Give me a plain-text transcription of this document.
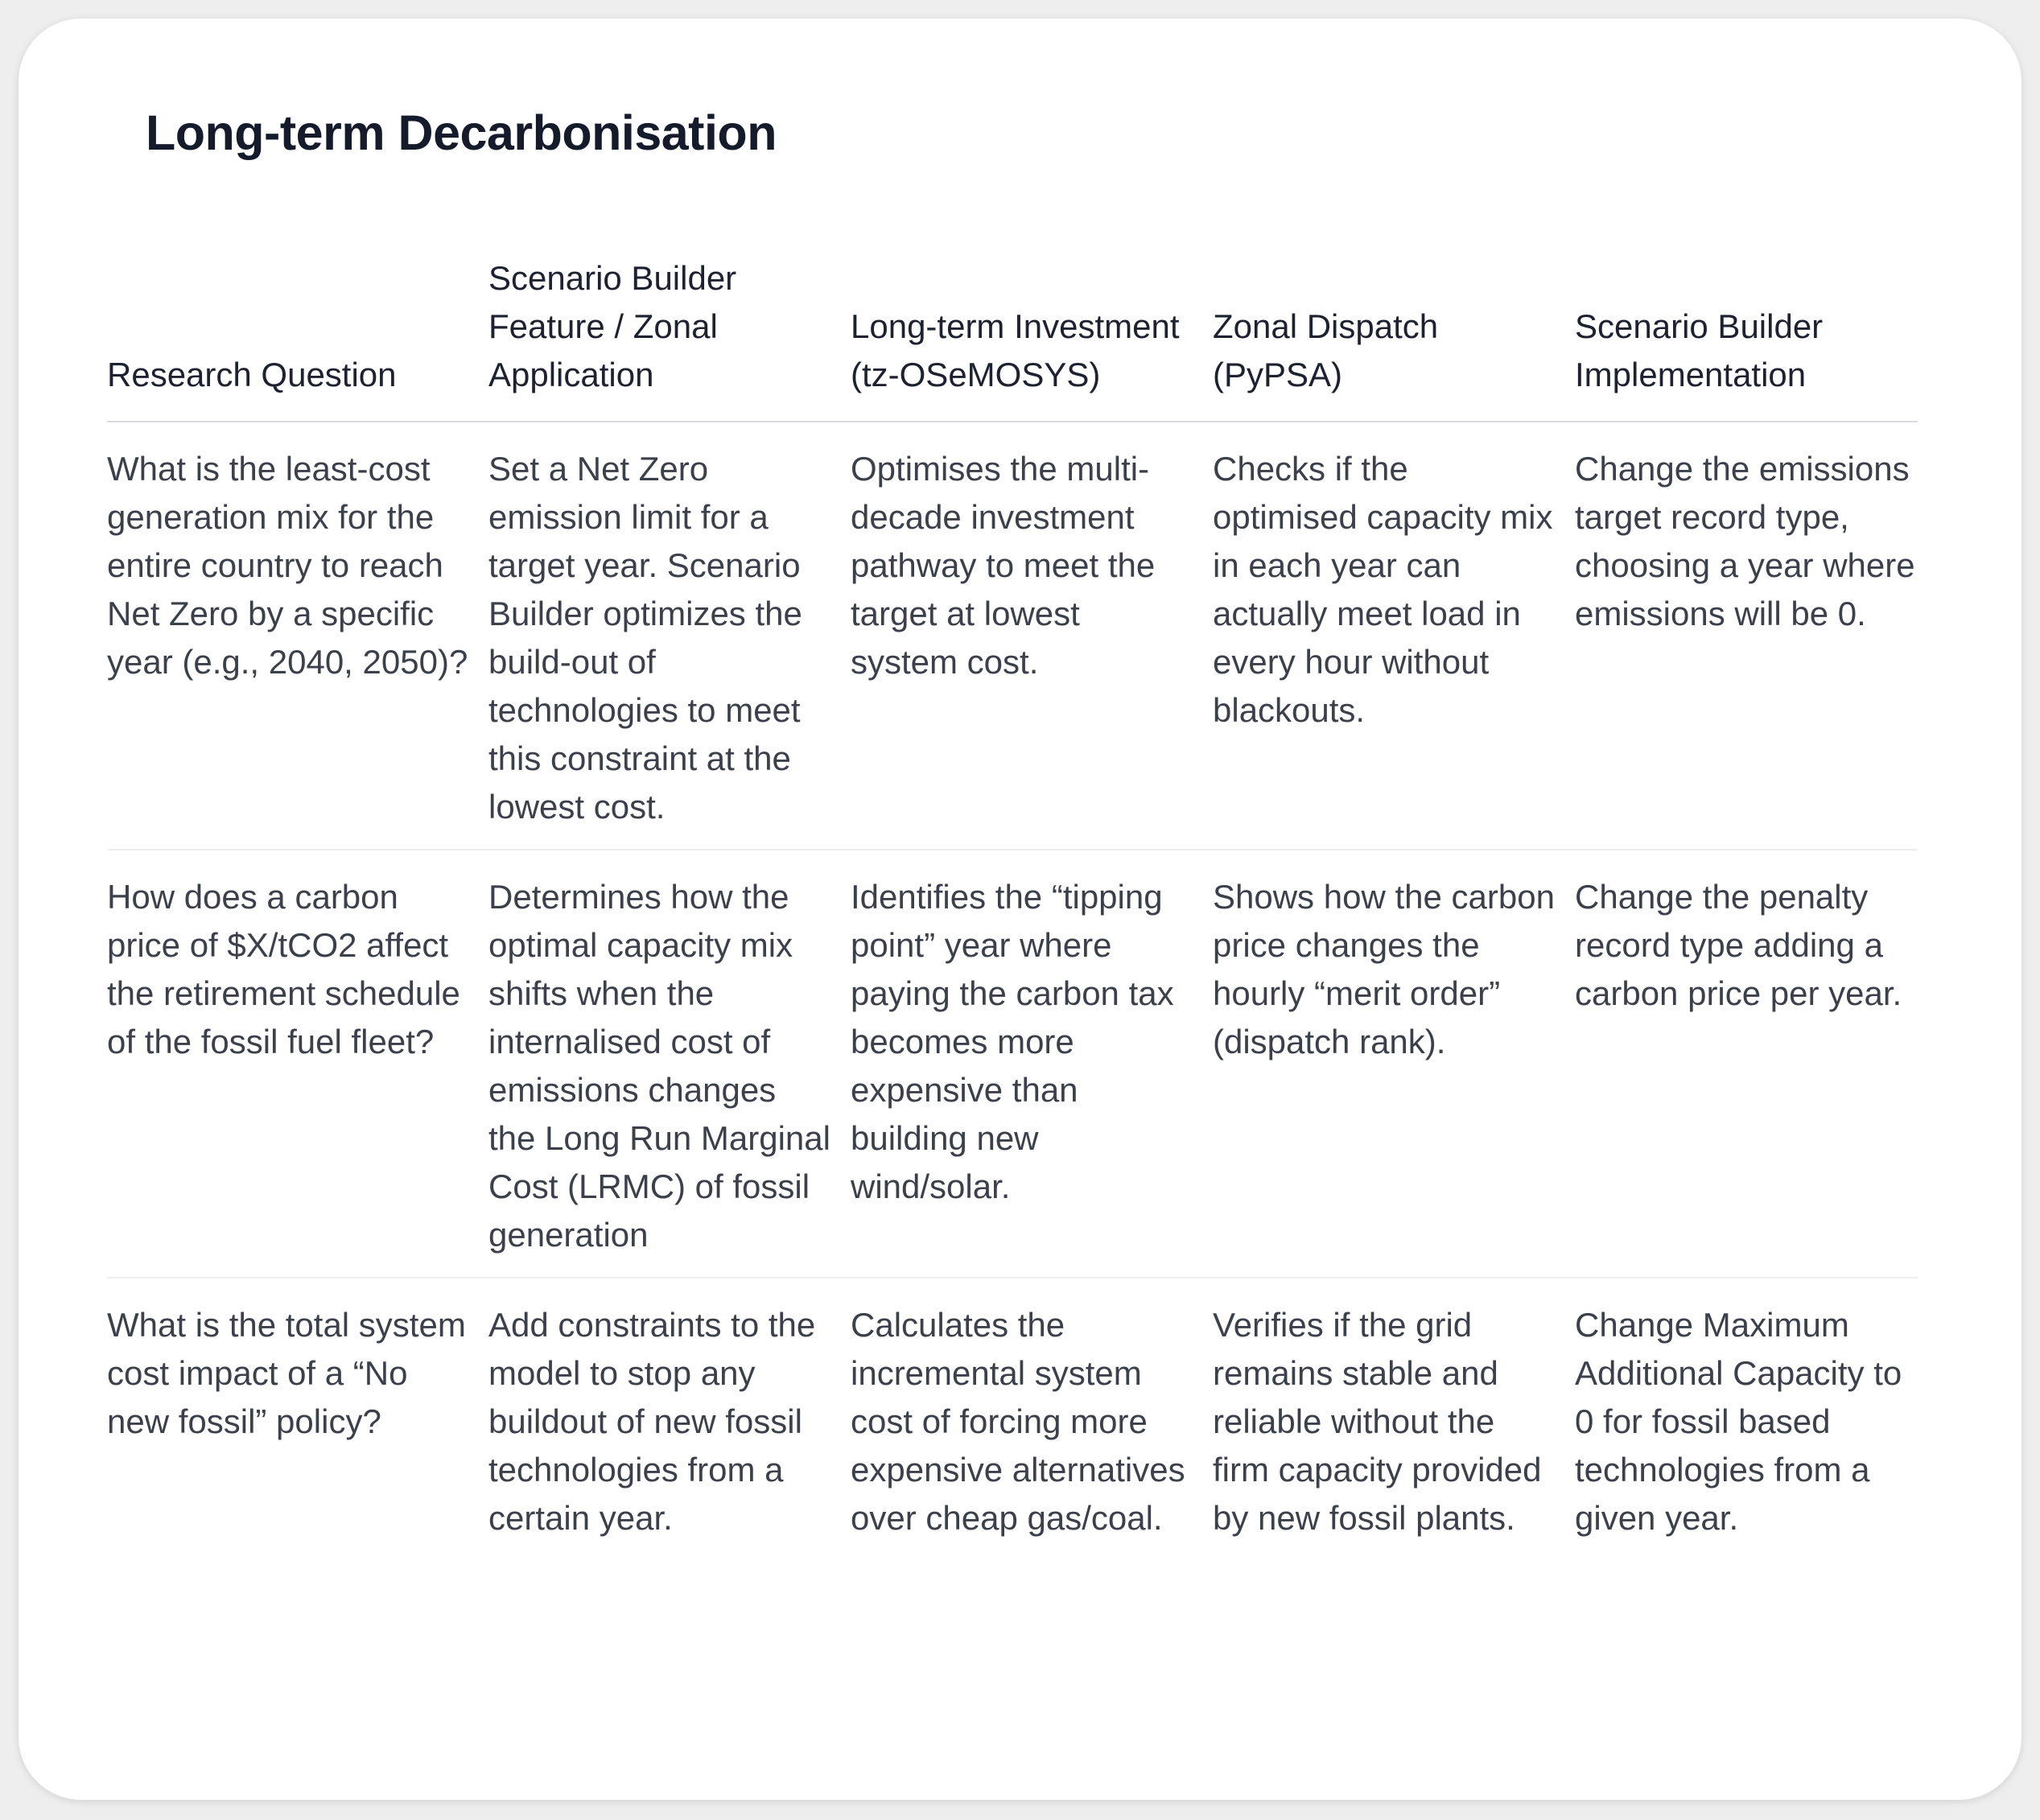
Long-term Decarbonisation
Research Question	Scenario Builder Feature / Zonal Application	Long-term Investment (tz-OSeMOSYS)	Zonal Dispatch (PyPSA)	Scenario Builder Implementation
What is the least-cost generation mix for the entire country to reach Net Zero by a specific year (e.g., 2040, 2050)?	Set a Net Zero emission limit for a target year. Scenario Builder optimizes the build-out of technologies to meet this constraint at the lowest cost.	Optimises the multi-decade investment pathway to meet the target at lowest system cost.	Checks if the optimised capacity mix in each year can actually meet load in every hour without blackouts.	Change the emissions target record type, choosing a year where emissions will be 0.
How does a carbon price of $X/tCO2 affect the retirement schedule of the fossil fuel fleet?	Determines how the optimal capacity mix shifts when the internalised cost of emissions changes the Long Run Marginal Cost (LRMC) of fossil generation	Identifies the “tipping point” year where paying the carbon tax becomes more expensive than building new wind/solar.	Shows how the carbon price changes the hourly “merit order” (dispatch rank).	Change the penalty record type adding a carbon price per year.
What is the total system cost impact of a “No new fossil” policy?	Add constraints to the model to stop any buildout of new fossil technologies from a certain year.	Calculates the incremental system cost of forcing more expensive alternatives over cheap gas/coal.	Verifies if the grid remains stable and reliable without the firm capacity provided by new fossil plants.	Change Maximum Additional Capacity to 0 for fossil based technologies from a given year.
